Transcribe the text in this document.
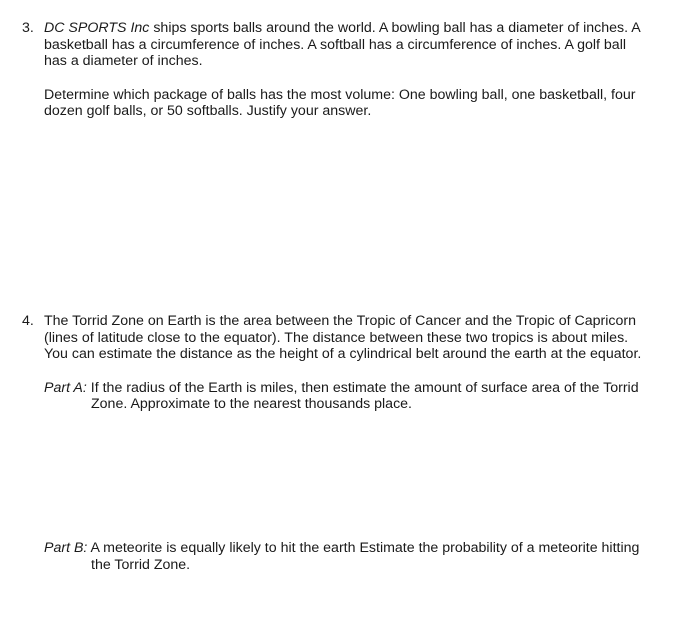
3. DC SPORTS Inc ships sports balls around the world. A bowling ball has a diameter of inches. A
basketball has a circumference of inches. A softball has a circumference of inches. A golf ball
has a diameter of inches.
Determine which package of balls has the most volume: One bowling ball, one basketball, four
dozen golf balls, or 50 softballs. Justify your answer.
4. The Torrid Zone on Earth is the area between the Tropic of Cancer and the Tropic of Capricorn
(lines of latitude close to the equator). The distance between these two tropics is about miles.
You can estimate the distance as the height of a cylindrical belt around the earth at the equator.
Part A: If the radius of the Earth is miles, then estimate the amount of surface area of the Torrid
Zone. Approximate to the nearest thousands place.
Part B: A meteorite is equally likely to hit the earth Estimate the probability of a meteorite hitting
the Torrid Zone.
